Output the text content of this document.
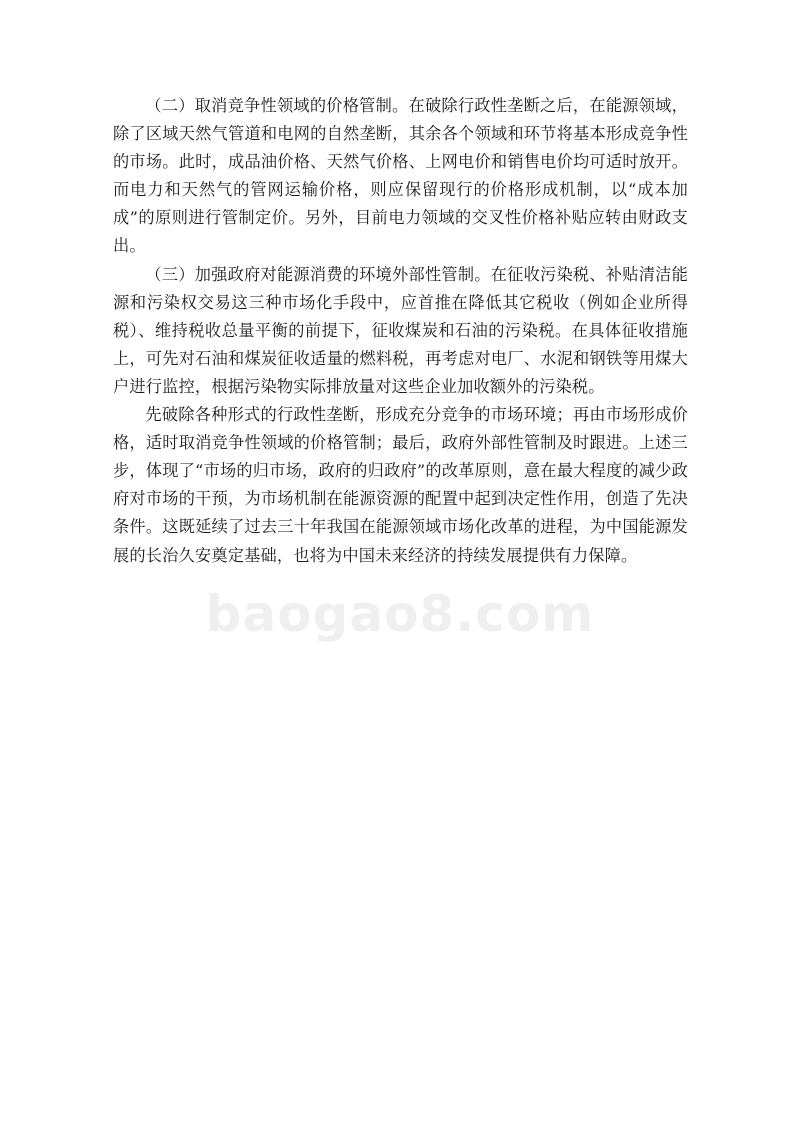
（二）取消竞争性领域的价格管制。在破除行政性垄断之后，在能源领域，除了区域天然气管道和电网的自然垄断，其余各个领域和环节将基本形成竞争性的市场。此时，成品油价格、天然气价格、上网电价和销售电价均可适时放开。而电力和天然气的管网运输价格，则应保留现行的价格形成机制，以“成本加成”的原则进行管制定价。另外，目前电力领域的交叉性价格补贴应转由财政支出。

（三）加强政府对能源消费的环境外部性管制。在征收污染税、补贴清洁能源和污染权交易这三种市场化手段中，应首推在降低其它税收（例如企业所得税）、维持税收总量平衡的前提下，征收煤炭和石油的污染税。在具体征收措施上，可先对石油和煤炭征收适量的燃料税，再考虑对电厂、水泥和钢铁等用煤大户进行监控，根据污染物实际排放量对这些企业加收额外的污染税。

先破除各种形式的行政性垄断，形成充分竞争的市场环境；再由市场形成价格，适时取消竞争性领域的价格管制；最后，政府外部性管制及时跟进。上述三步，体现了“市场的归市场，政府的归政府”的改革原则，意在最大程度的减少政府对市场的干预，为市场机制在能源资源的配置中起到决定性作用，创造了先决条件。这既延续了过去三十年我国在能源领域市场化改革的进程，为中国能源发展的长治久安奠定基础，也将为中国未来经济的持续发展提供有力保障。

baogao8.com
